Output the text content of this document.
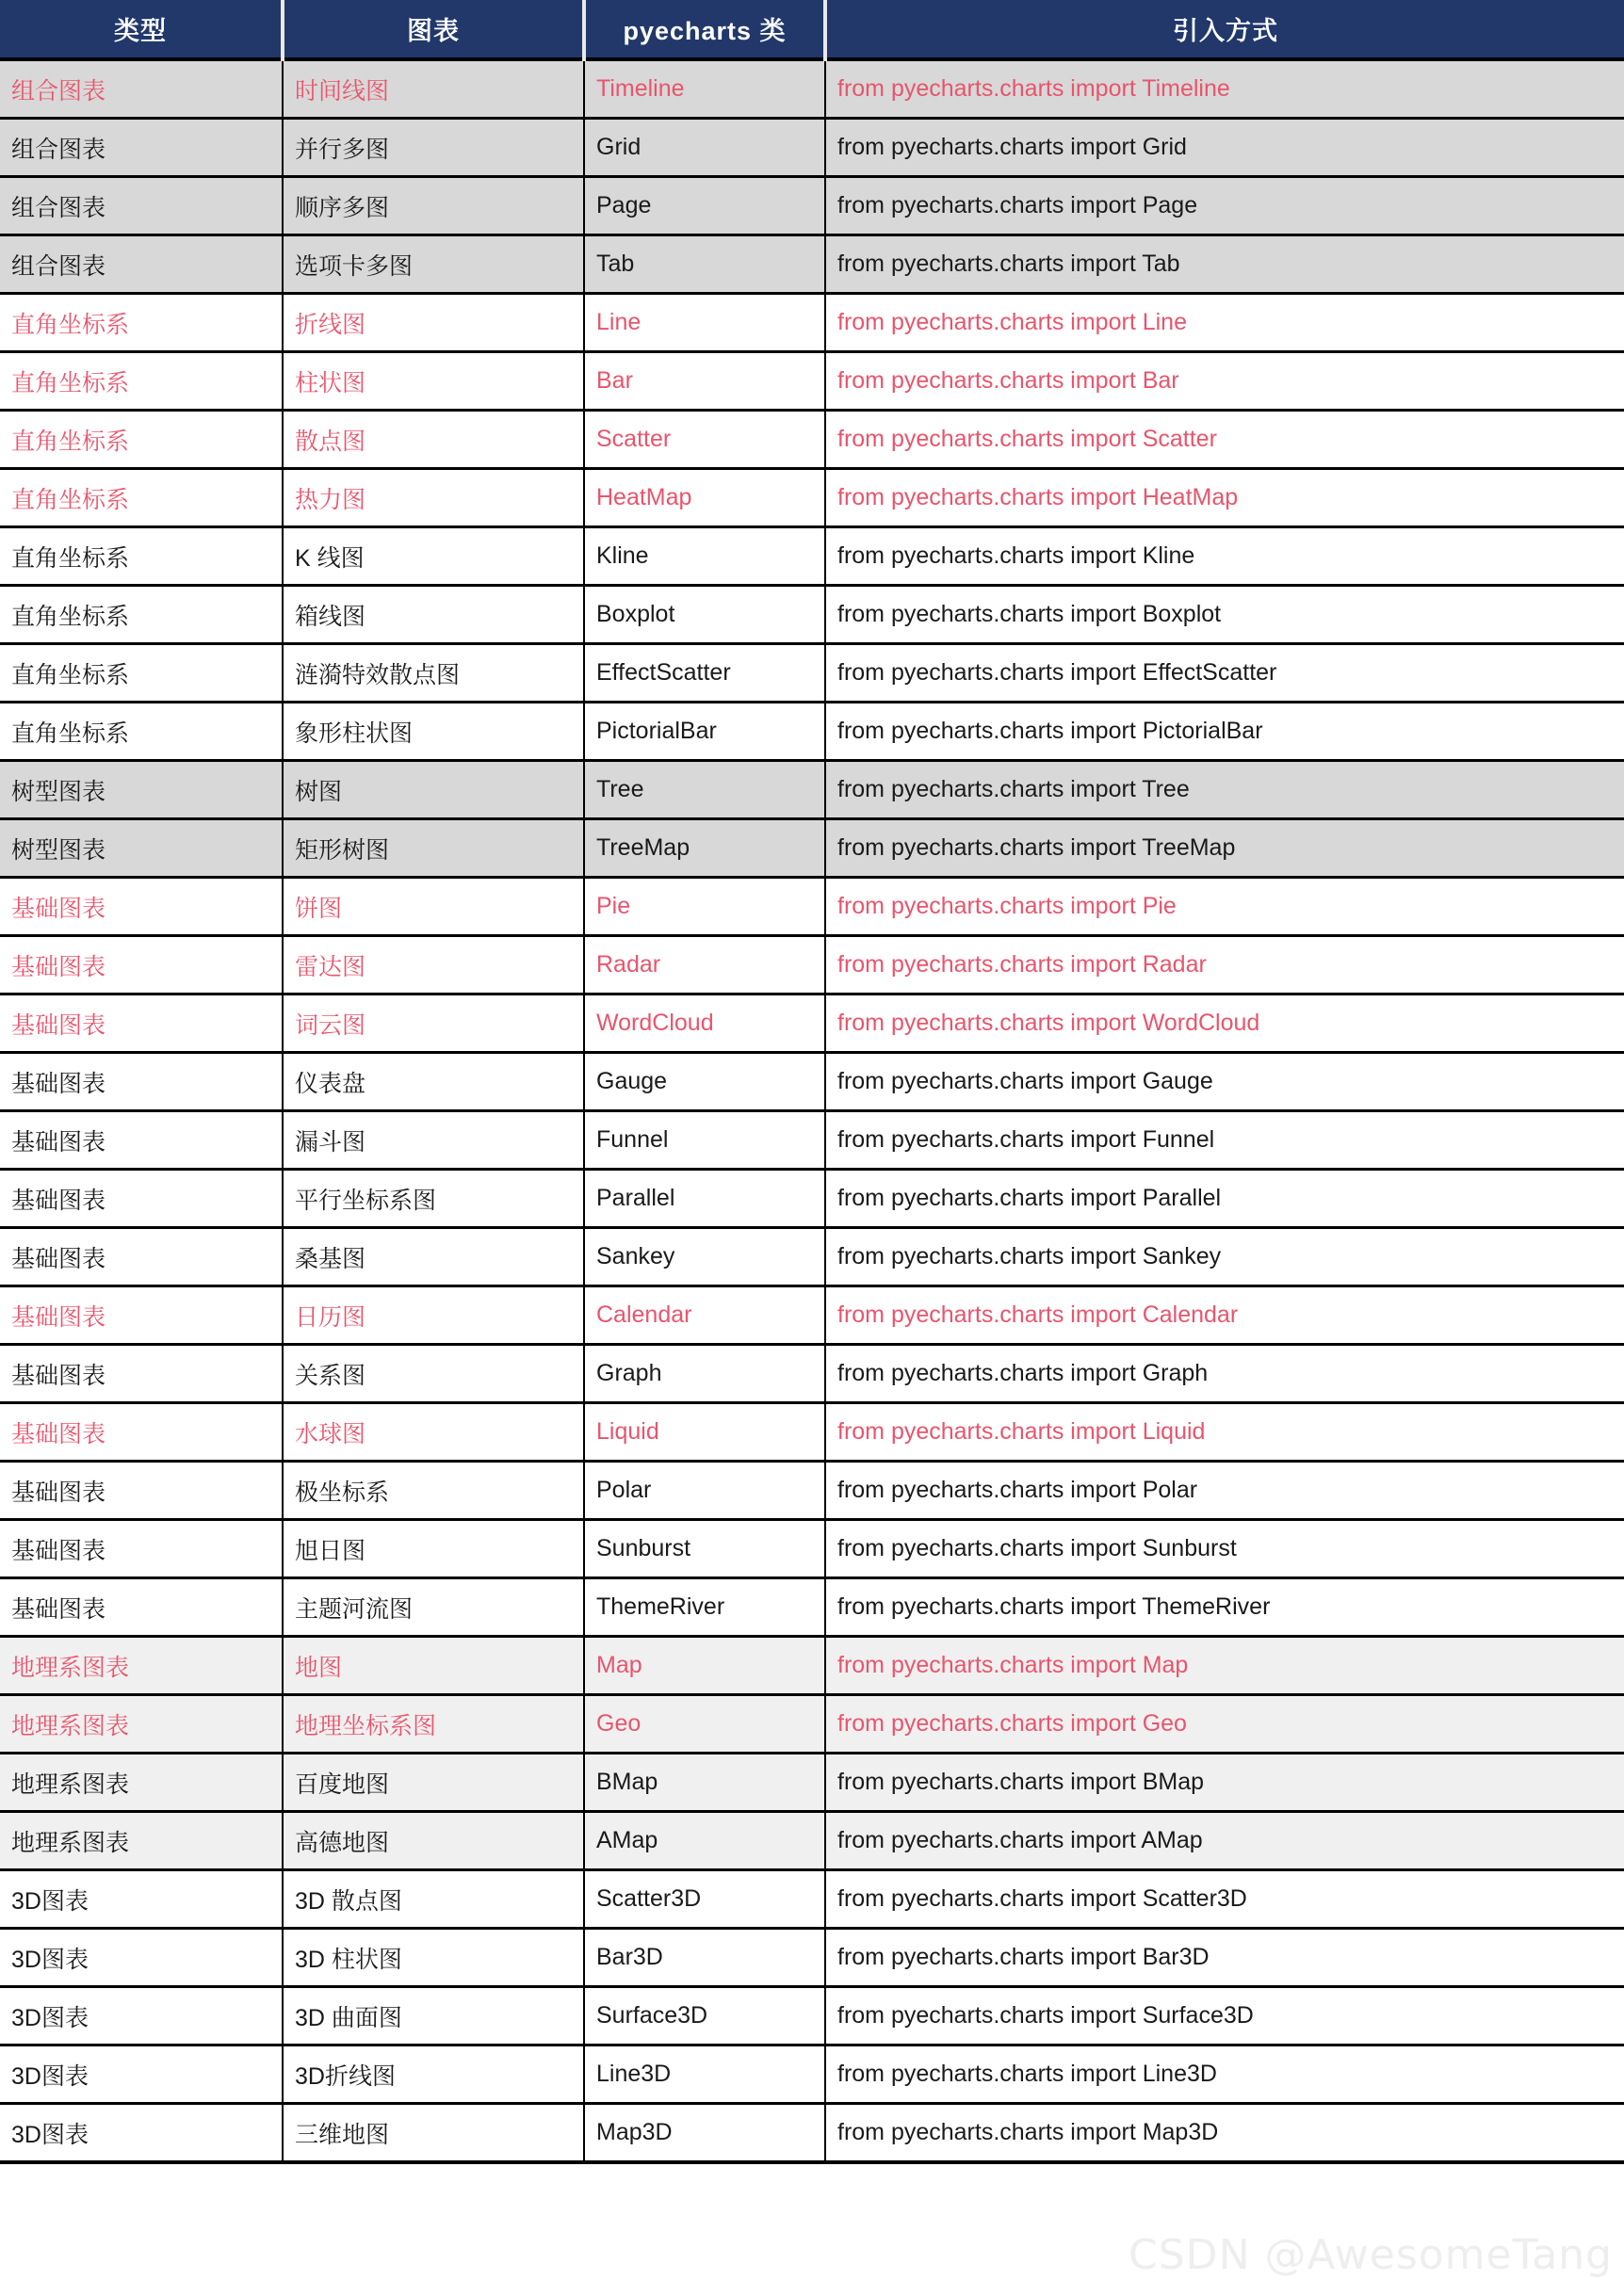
CSDN @AwesomeTang
类型	图表	pyecharts 类	引入方式
组合图表	时间线图	Timeline	from pyecharts.charts import Timeline
组合图表	并行多图	Grid	from pyecharts.charts import Grid
组合图表	顺序多图	Page	from pyecharts.charts import Page
组合图表	选项卡多图	Tab	from pyecharts.charts import Tab
直角坐标系	折线图	Line	from pyecharts.charts import Line
直角坐标系	柱状图	Bar	from pyecharts.charts import Bar
直角坐标系	散点图	Scatter	from pyecharts.charts import Scatter
直角坐标系	热力图	HeatMap	from pyecharts.charts import HeatMap
直角坐标系	K 线图	Kline	from pyecharts.charts import Kline
直角坐标系	箱线图	Boxplot	from pyecharts.charts import Boxplot
直角坐标系	涟漪特效散点图	EffectScatter	from pyecharts.charts import EffectScatter
直角坐标系	象形柱状图	PictorialBar	from pyecharts.charts import PictorialBar
树型图表	树图	Tree	from pyecharts.charts import Tree
树型图表	矩形树图	TreeMap	from pyecharts.charts import TreeMap
基础图表	饼图	Pie	from pyecharts.charts import Pie
基础图表	雷达图	Radar	from pyecharts.charts import Radar
基础图表	词云图	WordCloud	from pyecharts.charts import WordCloud
基础图表	仪表盘	Gauge	from pyecharts.charts import Gauge
基础图表	漏斗图	Funnel	from pyecharts.charts import Funnel
基础图表	平行坐标系图	Parallel	from pyecharts.charts import Parallel
基础图表	桑基图	Sankey	from pyecharts.charts import Sankey
基础图表	日历图	Calendar	from pyecharts.charts import Calendar
基础图表	关系图	Graph	from pyecharts.charts import Graph
基础图表	水球图	Liquid	from pyecharts.charts import Liquid
基础图表	极坐标系	Polar	from pyecharts.charts import Polar
基础图表	旭日图	Sunburst	from pyecharts.charts import Sunburst
基础图表	主题河流图	ThemeRiver	from pyecharts.charts import ThemeRiver
地理系图表	地图	Map	from pyecharts.charts import Map
地理系图表	地理坐标系图	Geo	from pyecharts.charts import Geo
地理系图表	百度地图	BMap	from pyecharts.charts import BMap
地理系图表	高德地图	AMap	from pyecharts.charts import AMap
3D图表	3D 散点图	Scatter3D	from pyecharts.charts import Scatter3D
3D图表	3D 柱状图	Bar3D	from pyecharts.charts import Bar3D
3D图表	3D 曲面图	Surface3D	from pyecharts.charts import Surface3D
3D图表	3D折线图	Line3D	from pyecharts.charts import Line3D
3D图表	三维地图	Map3D	from pyecharts.charts import Map3D
